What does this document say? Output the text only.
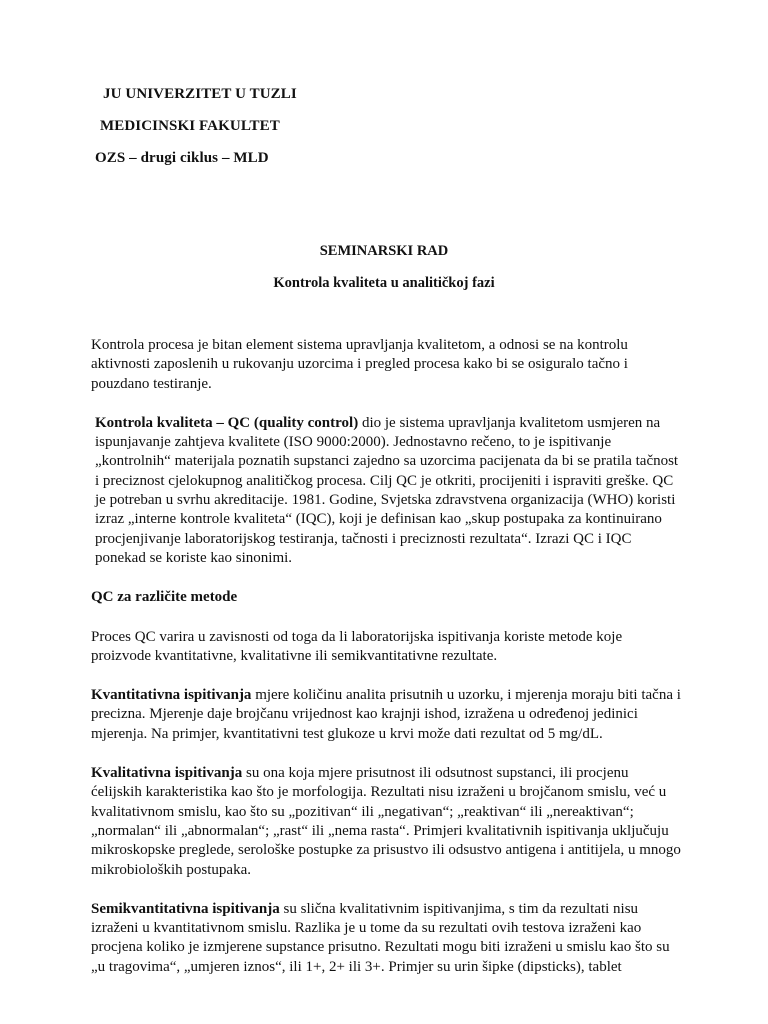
JU UNIVERZITET U TUZLI
MEDICINSKI FAKULTET
OZS – drugi ciklus – MLD
SEMINARSKI RAD
Kontrola kvaliteta u analitičkoj fazi

Kontrola procesa je bitan element sistema upravljanja kvalitetom, a odnosi se na kontrolu aktivnosti zaposlenih u rukovanju uzorcima i pregled procesa kako bi se osiguralo tačno i pouzdano testiranje.

Kontrola kvaliteta – QC (quality control) dio je sistema upravljanja kvalitetom usmjeren na ispunjavanje zahtjeva kvalitete (ISO 9000:2000). Jednostavno rečeno, to je ispitivanje „kontrolnih“ materijala poznatih supstanci zajedno sa uzorcima pacijenata da bi se pratila tačnost i preciznost cjelokupnog analitičkog procesa. Cilj QC je otkriti, procijeniti i ispraviti greške. QC je potreban u svrhu akreditacije. 1981. Godine, Svjetska zdravstvena organizacija (WHO) koristi izraz „interne kontrole kvaliteta“ (IQC), koji je definisan kao „skup postupaka za kontinuirano procjenjivanje laboratorijskog testiranja, tačnosti i preciznosti rezultata“. Izrazi QC i IQC ponekad se koriste kao sinonimi.

QC za različite metode

Proces QC varira u zavisnosti od toga da li laboratorijska ispitivanja koriste metode koje proizvode kvantitativne, kvalitativne ili semikvantitativne rezultate.

Kvantitativna ispitivanja mjere količinu analita prisutnih u uzorku, i mjerenja moraju biti tačna i precizna. Mjerenje daje brojčanu vrijednost kao krajnji ishod, izražena u određenoj jedinici mjerenja. Na primjer, kvantitativni test glukoze u krvi može dati rezultat od 5 mg/dL.

Kvalitativna ispitivanja su ona koja mjere prisutnost ili odsutnost supstanci, ili procjenu ćelijskih karakteristika kao što je morfologija. Rezultati nisu izraženi u brojčanom smislu, već u kvalitativnom smislu, kao što su „pozitivan“ ili „negativan“; „reaktivan“ ili „nereaktivan“; „normalan“ ili „abnormalan“; „rast“ ili „nema rasta“. Primjeri kvalitativnih ispitivanja uključuju mikroskopske preglede, serološke postupke za prisustvo ili odsustvo antigena i antitijela, u mnogo mikrobioloških postupaka.

Semikvantitativna ispitivanja su slična kvalitativnim ispitivanjima, s tim da rezultati nisu izraženi u kvantitativnom smislu. Razlika je u tome da su rezultati ovih testova izraženi kao procjena koliko je izmjerene supstance prisutno. Rezultati mogu biti izraženi u smislu kao što su „u tragovima“, „umjeren iznos“, ili 1+, 2+ ili 3+. Primjer su urin šipke (dipsticks), tablet
